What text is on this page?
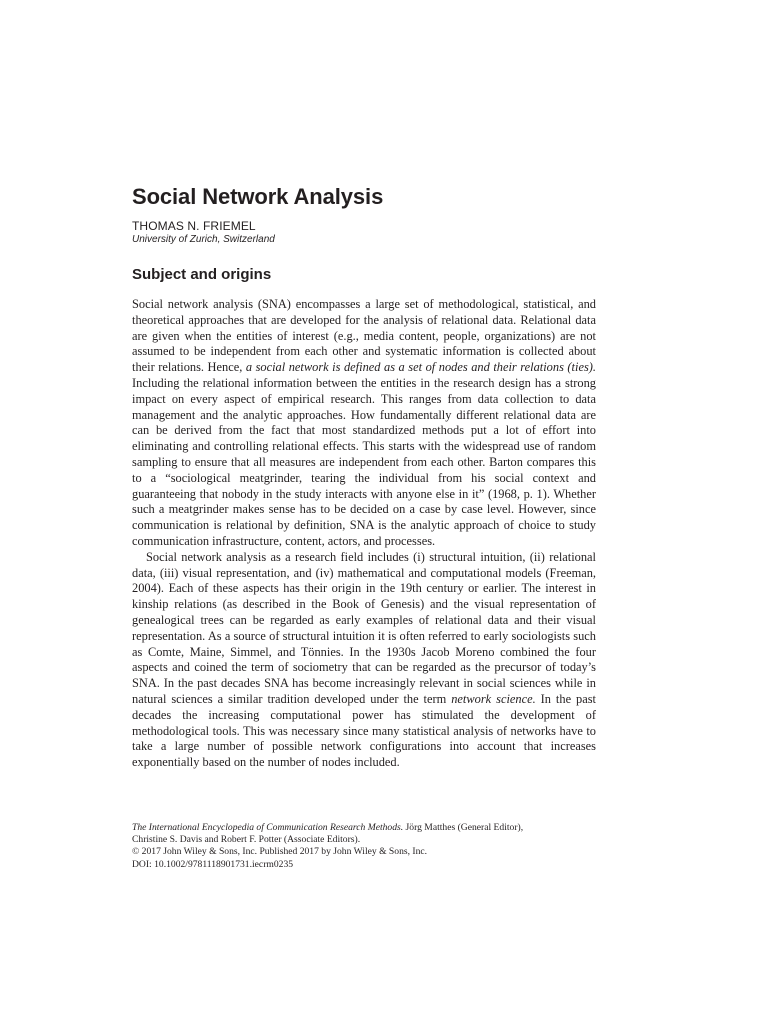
Social Network Analysis
THOMAS N. FRIEMEL
University of Zurich, Switzerland
Subject and origins

Social network analysis (SNA) encompasses a large set of methodological, statistical, and theoretical approaches that are developed for the analysis of relational data. Relational data are given when the entities of interest (e.g., media content, people, organizations) are not assumed to be independent from each other and systematic information is collected about their relations. Hence, a social network is defined as a set of nodes and their relations (ties). Including the relational information between the entities in the research design has a strong impact on every aspect of empirical research. This ranges from data collection to data management and the analytic approaches. How fundamentally different relational data are can be derived from the fact that most standardized methods put a lot of effort into eliminating and controlling relational effects. This starts with the widespread use of random sampling to ensure that all measures are independent from each other. Barton compares this to a “sociological meatgrinder, tearing the individual from his social context and guaranteeing that nobody in the study interacts with anyone else in it” (1968, p. 1). Whether such a meatgrinder makes sense has to be decided on a case by case level. However, since communication is relational by definition, SNA is the analytic approach of choice to study communication infrastructure, content, actors, and processes.

Social network analysis as a research field includes (i) structural intuition, (ii) relational data, (iii) visual representation, and (iv) mathematical and computational models (Freeman, 2004). Each of these aspects has their origin in the 19th century or earlier. The interest in kinship relations (as described in the Book of Genesis) and the visual representation of genealogical trees can be regarded as early examples of relational data and their visual representation. As a source of structural intuition it is often referred to early sociologists such as Comte, Maine, Simmel, and Tönnies. In the 1930s Jacob Moreno combined the four aspects and coined the term of sociometry that can be regarded as the precursor of today’s SNA. In the past decades SNA has become increasingly relevant in social sciences while in natural sciences a similar tradition developed under the term network science. In the past decades the increasing computational power has stimulated the development of methodological tools. This was necessary since many statistical analysis of networks have to take a large number of possible network configurations into account that increases exponentially based on the number of nodes included.

The International Encyclopedia of Communication Research Methods. Jörg Matthes (General Editor),
Christine S. Davis and Robert F. Potter (Associate Editors).
© 2017 John Wiley & Sons, Inc. Published 2017 by John Wiley & Sons, Inc.
DOI: 10.1002/9781118901731.iecrm0235
